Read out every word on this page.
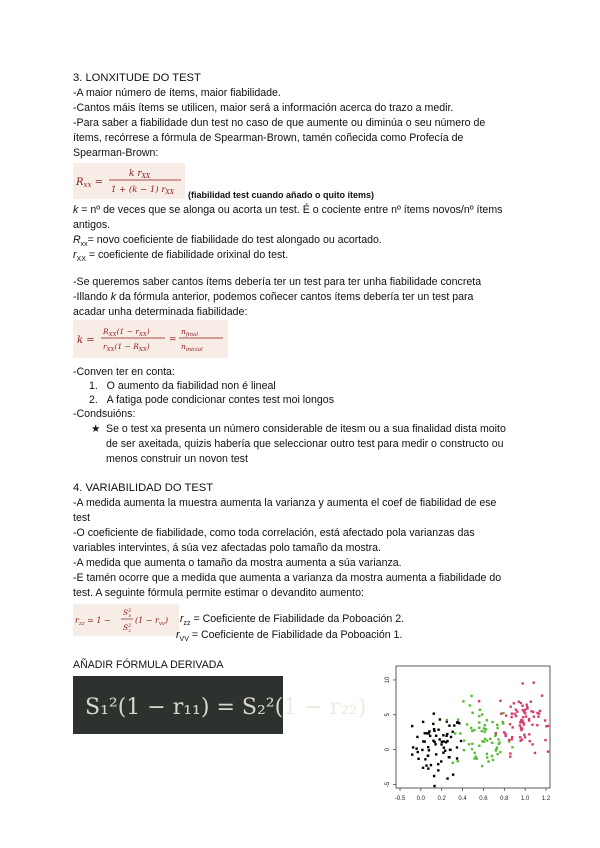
3. LONXITUDE DO TEST
-A maior número de ítems, maior fiabilidade.
-Cantos máis ítems se utilicen, maior será a información acerca do trazo a medir.
-Para saber a fiabilidade dun test no caso de que aumente ou diminúa o seu número de
ítems, recórrese a fórmula de Spearman-Brown, tamén coñecida como Profecía de
Spearman-Brown:
$R_{xx}$ =
k $r_{XX}$
1 + (k − 1) $r_{XX}$ (fiabilidad test cuando añado o quito ítems)
k = nº de veces que se alonga ou acorta un test. É o cociente entre nº ítems novos/nº ítems
antigos.
$R_{xx}=$ novo coeficiente de fiabilidade do test alongado ou acortado.
$r_{XX}$ = coeficiente de fiabilidade orixinal do test.
-Se queremos saber cantos ítems debería ter un test para ter unha fiabilidade concreta
-Illando k da fórmula anterior, podemos coñecer cantos ítems debería ter un test para
acadar unha determinada fiabilidade:
k =
$R_{XX}(1 - r_{XX})$
$r_{XX}(1 - R_{XX})$
=
$n_{final}$
$n_{inicial}$
-Conven ter en conta:
1.   O aumento da fiabilidad non é lineal
2.   A fatiga pode condicionar contes test moi longos
-Condsuións:
★ Se o test xa presenta un número considerable de itesm ou a sua finalidad dista moito
de ser axeitada, quizis habería que seleccionar outro test para medir o constructo ou
menos construir un novon test
4. VARIABILIDAD DO TEST
-A medida aumenta la muestra aumenta la varianza y aumenta el coef de fiabilidad de ese
test
-O coeficiente de fiabilidade, como toda correlación, está afectado pola varianzas das
variables intervintes, á súa vez afectadas polo tamaño da mostra.
-A medida que aumenta o tamaño da mostra aumenta a súa varianza.
-E tamén ocorre que a medida que aumenta a varianza da mostra aumenta a fiabilidade do
test. A seguinte fórmula permite estimar o devandito aumento:
$r_{zz} = 1$ −
$S^2$ v
$S^2$ z
$(1 - r_{vv})$ $r_{zz}$ = Coeficiente de Fiabilidade da Poboación 2.
$r_{VV}$ = Coeficiente de Fiabilidade da Poboación 1.
AÑADIR FÓRMULA DERIVADA
S₁²(1 − r₁₁) = S₂²(1 − r₂₂)
-0.5 0.0 0.2 0.4 0.6 0.8 1.0 1.2
-5
0
5
10
